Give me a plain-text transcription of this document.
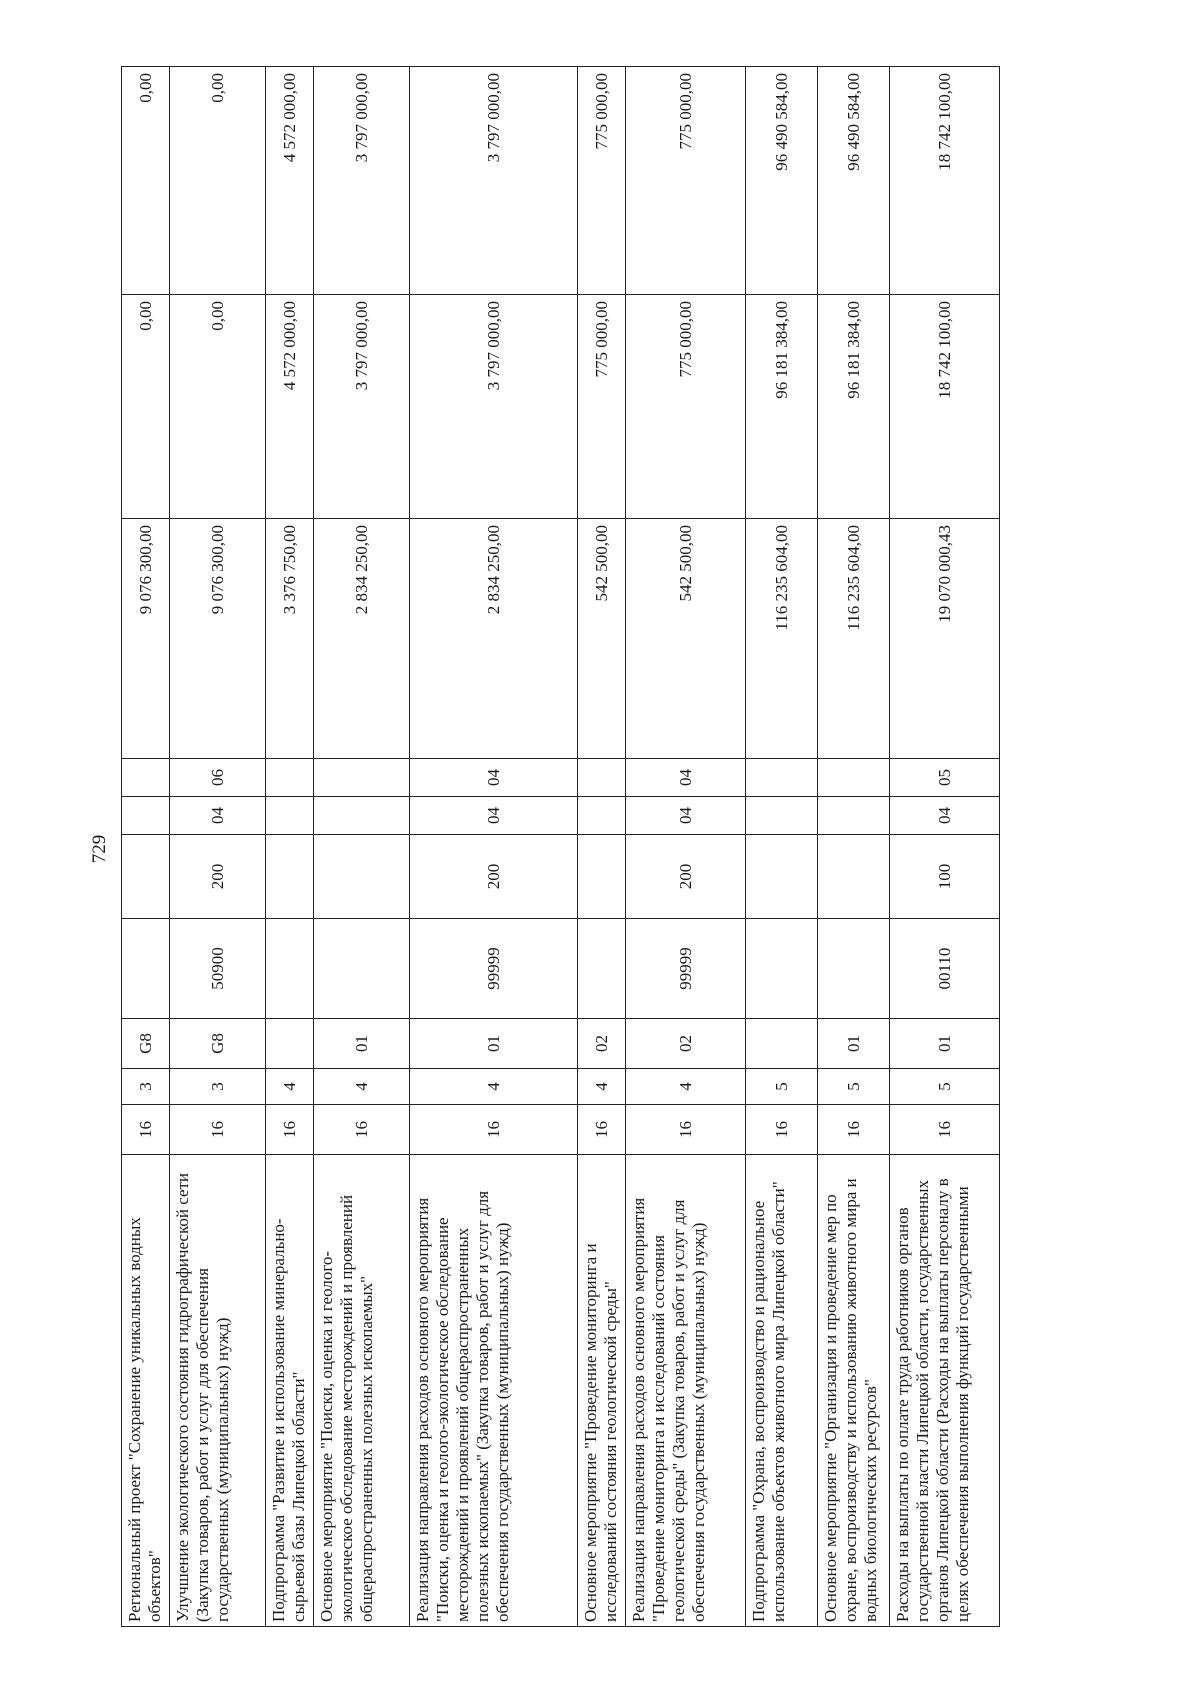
729
Региональный проект "Сохранение уникальных водных объектов"	16	3	G8					9 076 300,00	0,00	0,00
Улучшение экологического состояния гидрографической сети (Закупка товаров, работ и услуг для обеспечения государственных (муниципальных) нужд)	16	3	G8	50900	200	04	06	9 076 300,00	0,00	0,00
Подпрограмма "Развитие и использование минерально-сырьевой базы Липецкой области"	16	4						3 376 750,00	4 572 000,00	4 572 000,00
Основное мероприятие "Поиски, оценка и геолого-экологическое обследование месторождений и проявлений общераспространенных полезных ископаемых"	16	4	01					2 834 250,00	3 797 000,00	3 797 000,00
Реализация направления расходов основного мероприятия "Поиски, оценка и геолого-экологическое обследование месторождений и проявлений общераспространенных полезных ископаемых" (Закупка товаров, работ и услуг для обеспечения государственных (муниципальных) нужд)	16	4	01	99999	200	04	04	2 834 250,00	3 797 000,00	3 797 000,00
Основное мероприятие "Проведение мониторинга и исследований состояния геологической среды"	16	4	02					542 500,00	775 000,00	775 000,00
Реализация направления расходов основного мероприятия "Проведение мониторинга и исследований состояния геологической среды" (Закупка товаров, работ и услуг для обеспечения государственных (муниципальных) нужд)	16	4	02	99999	200	04	04	542 500,00	775 000,00	775 000,00
Подпрограмма "Охрана, воспроизводство и рациональное использование объектов животного мира Липецкой области"	16	5						116 235 604,00	96 181 384,00	96 490 584,00
Основное мероприятие "Организация и проведение мер по охране, воспроизводству и использованию животного мира и водных биологических ресурсов"	16	5	01					116 235 604,00	96 181 384,00	96 490 584,00
Расходы на выплаты по оплате труда работников органов государственной власти Липецкой области, государственных органов Липецкой области (Расходы на выплаты персоналу в целях обеспечения выполнения функций государственными	16	5	01	00110	100	04	05	19 070 000,43	18 742 100,00	18 742 100,00
